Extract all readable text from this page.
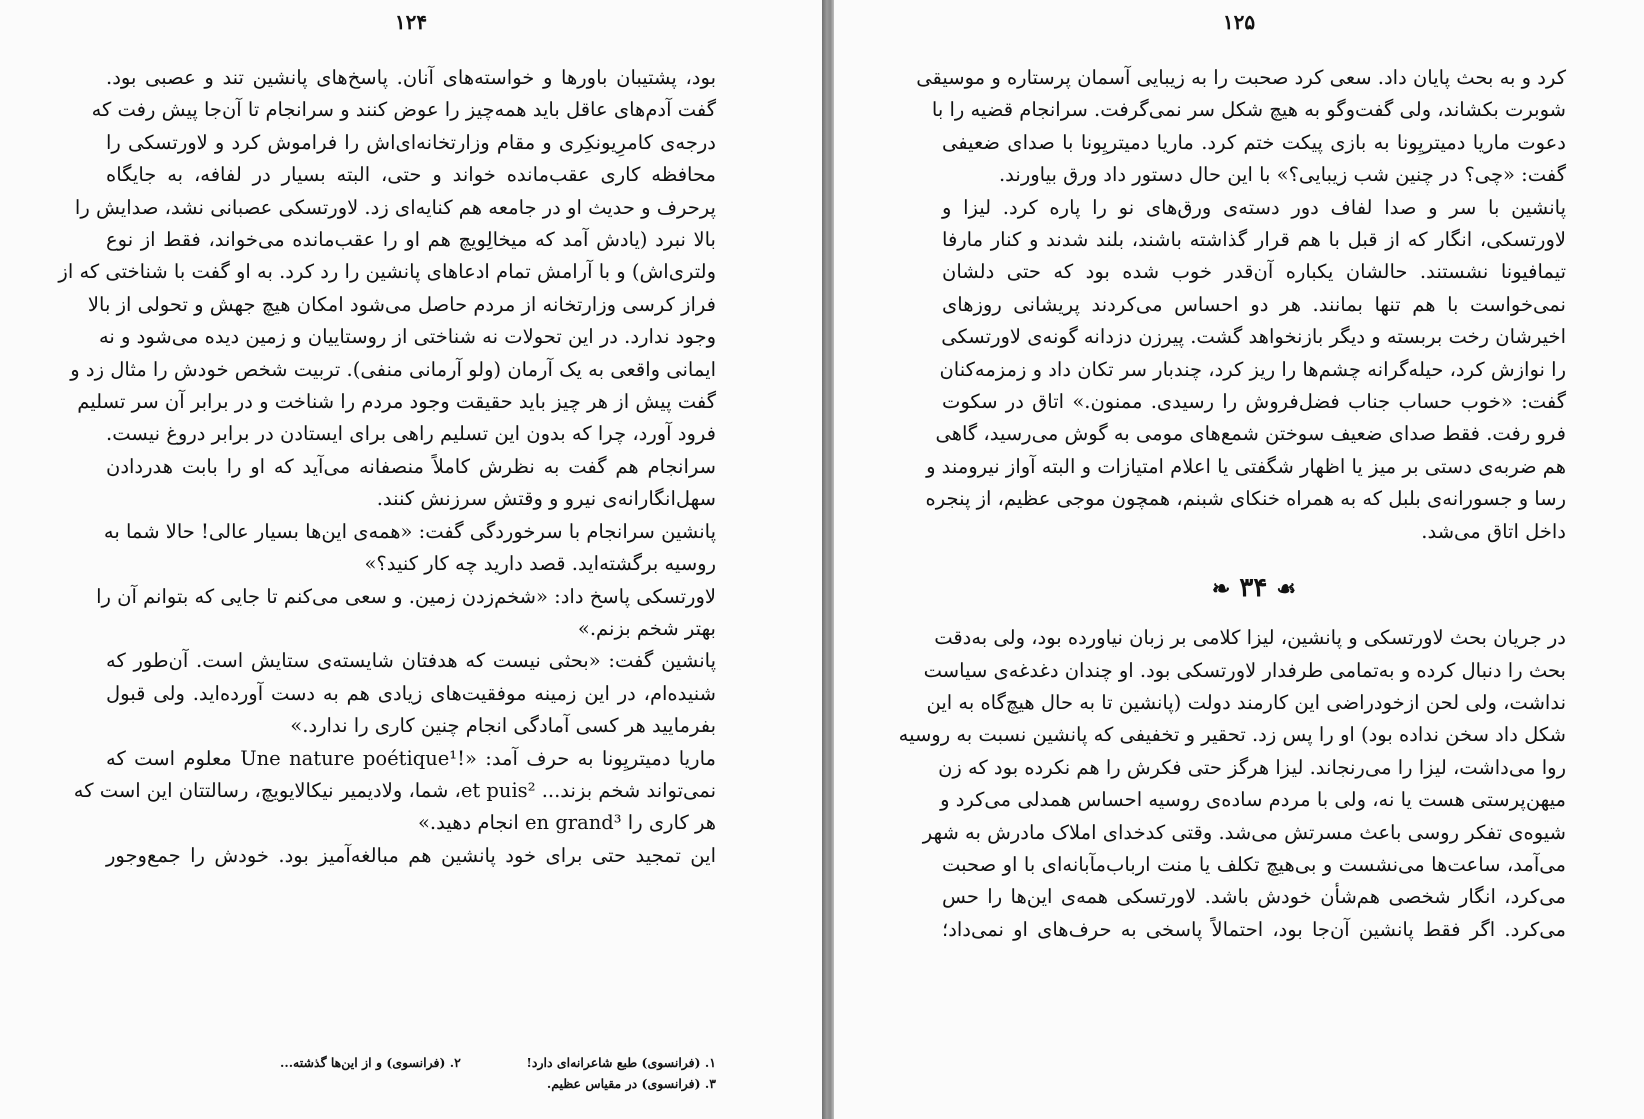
۱۲۴
بود، پشتیبان باورها و خواسته‌های آنان. پاسخ‌های پانشین تند و عصبی بود.
گفت آدم‌های عاقل باید همه‌چیز را عوض کنند و سرانجام تا آن‌جا پیش رفت که
درجه‌ی کامرِیونکِری و مقام وزارتخانه‌ای‌اش را فراموش کرد و لاورتسکی را
محافظه کاری عقب‌مانده خواند و حتی، البته بسیار در لفافه، به جایگاه
پرحرف و حدیث او در جامعه هم کنایه‌ای زد. لاورتسکی عصبانی نشد، صدایش را
بالا نبرد (یادش آمد که میخالِویچ هم او را عقب‌مانده می‌خواند، فقط از نوع
ولتری‌اش) و با آرامش تمام ادعاهای پانشین را رد کرد. به او گفت با شناختی که از
فراز کرسی وزارتخانه از مردم حاصل می‌شود امکان هیچ جهش و تحولی از بالا
وجود ندارد. در این تحولات نه شناختی از روستاییان و زمین دیده می‌شود و نه
ایمانی واقعی به یک آرمان (ولو آرمانی منفی). تربیت شخص خودش را مثال زد و
گفت پیش از هر چیز باید حقیقت وجود مردم را شناخت و در برابر آن سر تسلیم
فرود آورد، چرا که بدون این تسلیم راهی برای ایستادن در برابر دروغ نیست.
سرانجام هم گفت به نظرش کاملاً منصفانه می‌آید که او را بابت هدردادن
سهل‌انگارانه‌ی نیرو و وقتش سرزنش کنند.
پانشین سرانجام با سرخوردگی گفت: «همه‌ی این‌ها بسیار عالی! حالا شما به
روسیه برگشته‌اید. قصد دارید چه کار کنید؟»
لاورتسکی پاسخ داد: «شخم‌زدن زمین. و سعی می‌کنم تا جایی که بتوانم آن را
بهتر شخم بزنم.»
پانشین گفت: «بحثی نیست که هدفتان شایسته‌ی ستایش است. آن‌طور که
شنیده‌ام، در این زمینه موفقیت‌های زیادی هم به دست آورده‌اید. ولی قبول
بفرمایید هر کسی آمادگی انجام چنین کاری را ندارد.»
ماریا دمیتریِونا به حرف آمد: «!Une nature poétique¹ معلوم است که
نمی‌تواند شخم بزند... et puis²، شما، ولادیمیر نیکالایویچ، رسالتتان این است که
هر کاری را en grand³ انجام دهید.»
این تمجید حتی برای خود پانشین هم مبالغه‌آمیز بود. خودش را جمع‌وجور
۱. (فرانسوی) طبع شاعرانه‌ای دارد!
۲. (فرانسوی) و از این‌ها گذشته...
۳. (فرانسوی) در مقیاس عظیم.
۱۲۵
کرد و به بحث پایان داد. سعی کرد صحبت را به زیبایی آسمان پرستاره و موسیقی
شوبرت بکشاند، ولی گفت‌وگو به هیچ شکل سر نمی‌گرفت. سرانجام قضیه را با
دعوت ماریا دمیتریِونا به بازی پیکت ختم کرد. ماریا دمیتریِونا با صدای ضعیفی
گفت: «چی؟ در چنین شب زیبایی؟» با این حال دستور داد ورق بیاورند.
پانشین با سر و صدا لفاف دور دسته‌ی ورق‌های نو را پاره کرد. لیزا و
لاورتسکی، انگار که از قبل با هم قرار گذاشته باشند، بلند شدند و کنار مارفا
تیمافیونا نشستند. حالشان یکباره آن‌قدر خوب شده بود که حتی دلشان
نمی‌خواست با هم تنها بمانند. هر دو احساس می‌کردند پریشانی روزهای
اخیرشان رخت بربسته و دیگر بازنخواهد گشت. پیرزن دزدانه گونه‌ی لاورتسکی
را نوازش کرد، حیله‌گرانه چشم‌ها را ریز کرد، چندبار سر تکان داد و زمزمه‌کنان
گفت: «خوب حساب جناب فضل‌فروش را رسیدی. ممنون.» اتاق در سکوت
فرو رفت. فقط صدای ضعیف سوختن شمع‌های مومی به گوش می‌رسید، گاهی
هم ضربه‌ی دستی بر میز یا اظهار شگفتی یا اعلام امتیازات و البته آواز نیرومند و
رسا و جسورانه‌ی بلبل که به همراه خنکای شبنم، همچون موجی عظیم، از پنجره
داخل اتاق می‌شد.
☙ ۳۴ ❧
در جریان بحث لاورتسکی و پانشین، لیزا کلامی بر زبان نیاورده بود، ولی به‌دقت
بحث را دنبال کرده و به‌تمامی طرفدار لاورتسکی بود. او چندان دغدغه‌ی سیاست
نداشت، ولی لحن ازخودراضی این کارمند دولت (پانشین تا به حال هیچ‌گاه به این
شکل داد سخن نداده بود) او را پس زد. تحقیر و تخفیفی که پانشین نسبت به روسیه
روا می‌داشت، لیزا را می‌رنجاند. لیزا هرگز حتی فکرش را هم نکرده بود که زن
میهن‌پرستی هست یا نه، ولی با مردم ساده‌ی روسیه احساس همدلی می‌کرد و
شیوه‌ی تفکر روسی باعث مسرتش می‌شد. وقتی کدخدای املاک مادرش به شهر
می‌آمد، ساعت‌ها می‌نشست و بی‌هیچ تکلف یا منت ارباب‌مآبانه‌ای با او صحبت
می‌کرد، انگار شخصی هم‌شأن خودش باشد. لاورتسکی همه‌ی این‌ها را حس
می‌کرد. اگر فقط پانشین آن‌جا بود، احتمالاً پاسخی به حرف‌های او نمی‌داد؛
